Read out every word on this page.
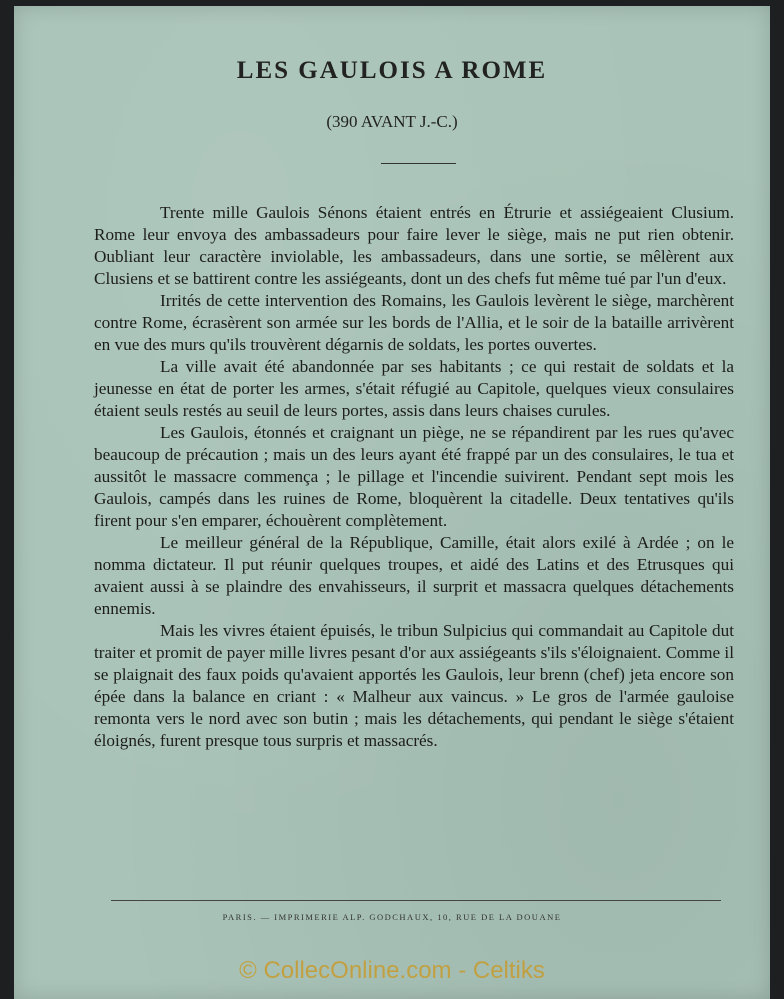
LES GAULOIS A ROME
(390 AVANT J.-C.)

Trente mille Gaulois Sénons étaient entrés en Étrurie et assiégeaient Clusium. Rome leur envoya des ambassadeurs pour faire lever le siège, mais ne put rien obtenir. Oubliant leur caractère inviolable, les ambassadeurs, dans une sortie, se mêlèrent aux Clusiens et se battirent contre les assiégeants, dont un des chefs fut même tué par l'un d'eux.

Irrités de cette intervention des Romains, les Gaulois levèrent le siège, marchèrent contre Rome, écrasèrent son armée sur les bords de l'Allia, et le soir de la bataille arrivèrent en vue des murs qu'ils trouvèrent dégarnis de soldats, les portes ouvertes.

La ville avait été abandonnée par ses habitants ; ce qui restait de soldats et la jeunesse en état de porter les armes, s'était réfugié au Capitole, quelques vieux consulaires étaient seuls restés au seuil de leurs portes, assis dans leurs chaises curules.

Les Gaulois, étonnés et craignant un piège, ne se répandirent par les rues qu'avec beaucoup de précaution ; mais un des leurs ayant été frappé par un des consulaires, le tua et aussitôt le massacre commença ; le pillage et l'incendie suivirent. Pendant sept mois les Gaulois, campés dans les ruines de Rome, bloquèrent la citadelle. Deux tentatives qu'ils firent pour s'en emparer, échouèrent complètement.

Le meilleur général de la République, Camille, était alors exilé à Ardée ; on le nomma dictateur. Il put réunir quelques troupes, et aidé des Latins et des Etrusques qui avaient aussi à se plaindre des envahisseurs, il surprit et massacra quelques détachements ennemis.

Mais les vivres étaient épuisés, le tribun Sulpicius qui commandait au Capitole dut traiter et promit de payer mille livres pesant d'or aux assiégeants s'ils s'éloignaient. Comme il se plaignait des faux poids qu'avaient apportés les Gaulois, leur brenn (chef) jeta encore son épée dans la balance en criant : « Malheur aux vaincus. » Le gros de l'armée gauloise remonta vers le nord avec son butin ; mais les détachements, qui pendant le siège s'étaient éloignés, furent presque tous surpris et massacrés.

PARIS. — IMPRIMERIE ALP. GODCHAUX, 10, RUE DE LA DOUANE
© CollecOnline.com - Celtiks
